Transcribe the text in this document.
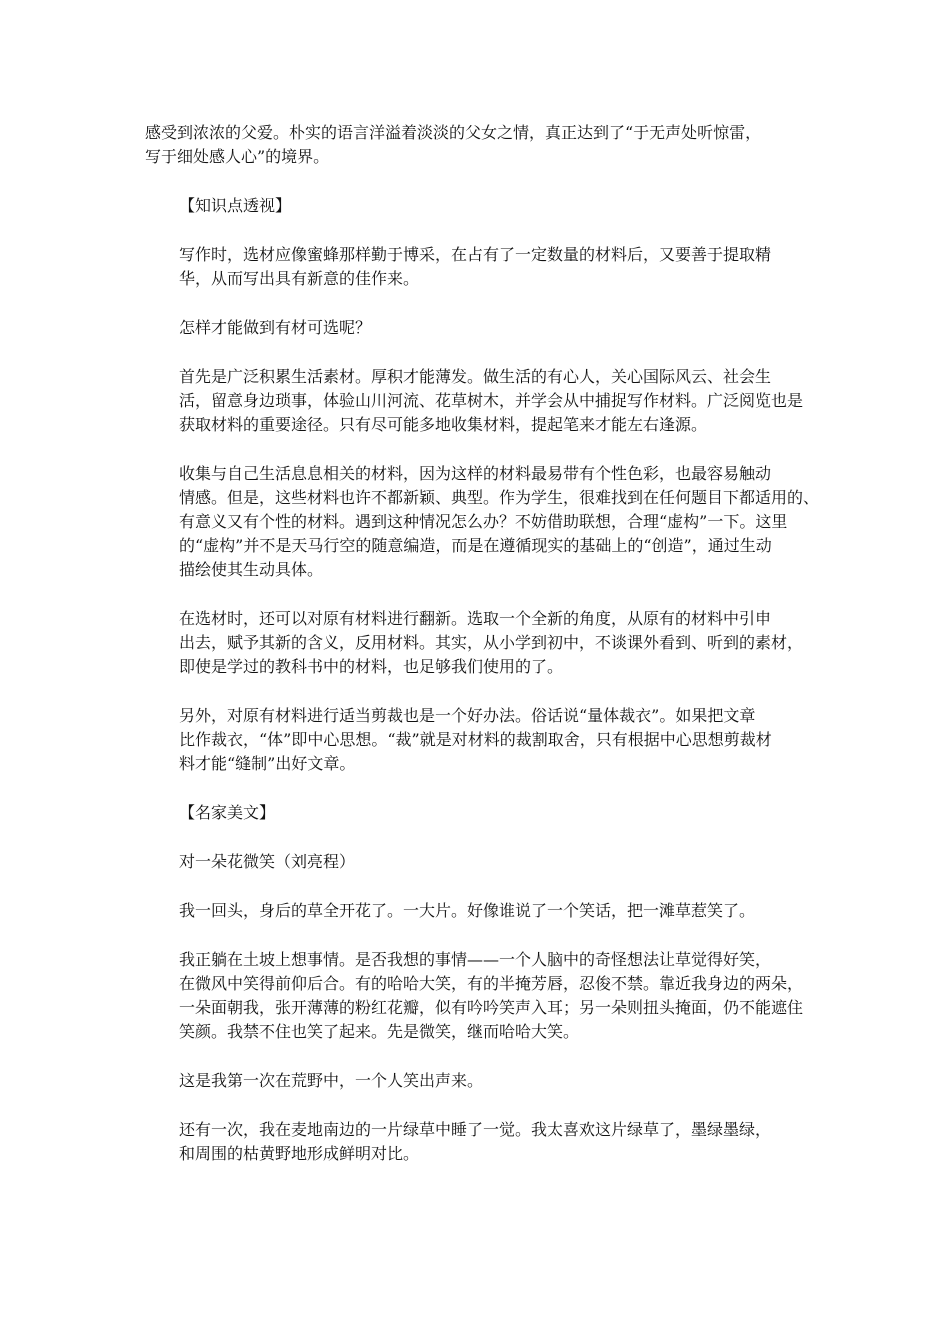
感受到浓浓的父爱。朴实的语言洋溢着淡淡的父女之情，真正达到了“于无声处听惊雷，
写于细处感人心”的境界。
【知识点透视】
写作时，选材应像蜜蜂那样勤于博采，在占有了一定数量的材料后，又要善于提取精
华，从而写出具有新意的佳作来。
怎样才能做到有材可选呢？
首先是广泛积累生活素材。厚积才能薄发。做生活的有心人，关心国际风云、社会生
活，留意身边琐事，体验山川河流、花草树木，并学会从中捕捉写作材料。广泛阅览也是
获取材料的重要途径。只有尽可能多地收集材料，提起笔来才能左右逢源。
收集与自己生活息息相关的材料，因为这样的材料最易带有个性色彩，也最容易触动
情感。但是，这些材料也许不都新颖、典型。作为学生，很难找到在任何题目下都适用的、
有意义又有个性的材料。遇到这种情况怎么办？不妨借助联想，合理“虚构”一下。这里
的“虚构”并不是天马行空的随意编造，而是在遵循现实的基础上的“创造”，通过生动
描绘使其生动具体。
在选材时，还可以对原有材料进行翻新。选取一个全新的角度，从原有的材料中引申
出去，赋予其新的含义，反用材料。其实，从小学到初中，不谈课外看到、听到的素材，
即使是学过的教科书中的材料，也足够我们使用的了。
另外，对原有材料进行适当剪裁也是一个好办法。俗话说“量体裁衣”。如果把文章
比作裁衣，“体”即中心思想。“裁”就是对材料的裁割取舍，只有根据中心思想剪裁材
料才能“缝制”出好文章。
【名家美文】
对一朵花微笑（刘亮程）
我一回头，身后的草全开花了。一大片。好像谁说了一个笑话，把一滩草惹笑了。
我正躺在土坡上想事情。是否我想的事情——一个人脑中的奇怪想法让草觉得好笑，
在微风中笑得前仰后合。有的哈哈大笑，有的半掩芳唇，忍俊不禁。靠近我身边的两朵，
一朵面朝我，张开薄薄的粉红花瓣，似有吟吟笑声入耳；另一朵则扭头掩面，仍不能遮住
笑颜。我禁不住也笑了起来。先是微笑，继而哈哈大笑。
这是我第一次在荒野中，一个人笑出声来。
还有一次，我在麦地南边的一片绿草中睡了一觉。我太喜欢这片绿草了，墨绿墨绿，
和周围的枯黄野地形成鲜明对比。
